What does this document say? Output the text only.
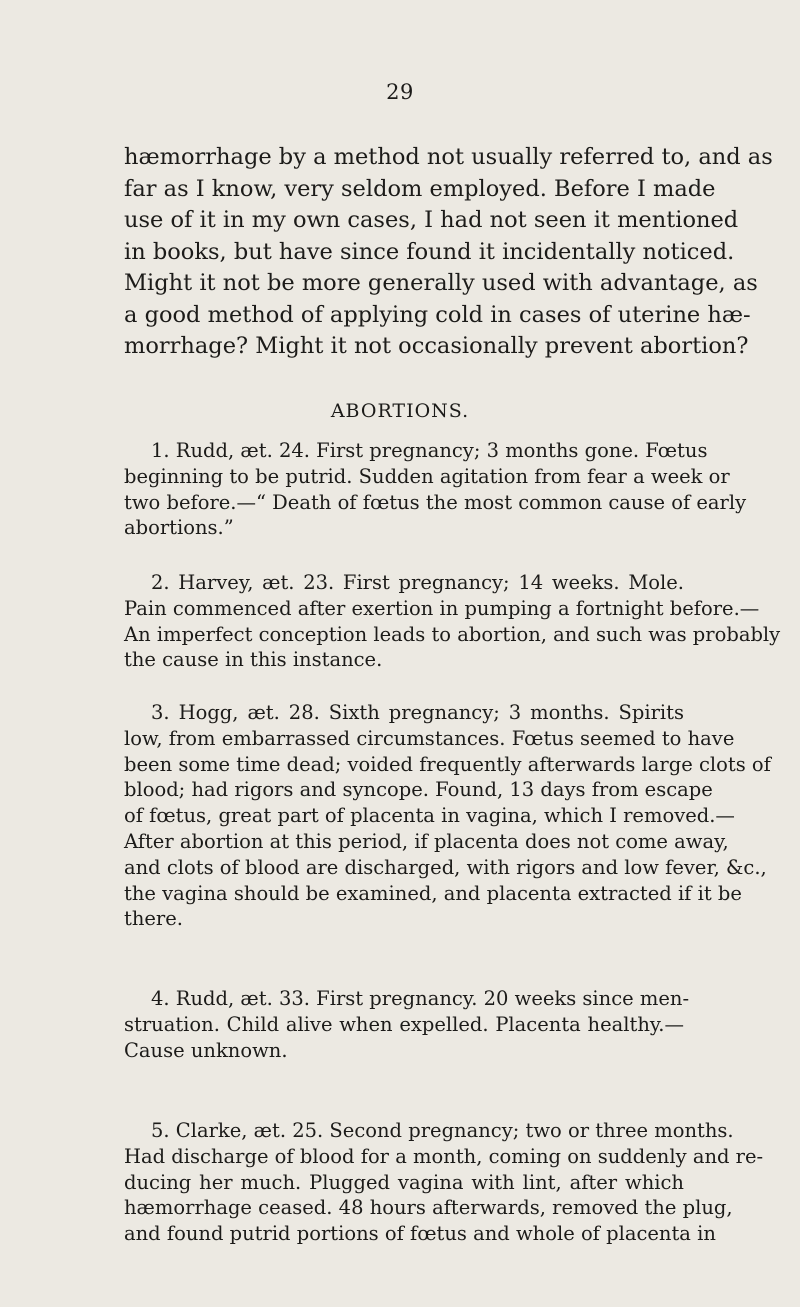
29
hæmorrhage by a method not usually referred to, and as
far as I know, very seldom employed. Before I made
use of it in my own cases, I had not seen it mentioned
in books, but have since found it incidentally noticed.
Might it not be more generally used with advantage, as
a good method of applying cold in cases of uterine hæ-
morrhage? Might it not occasionally prevent abortion?
ABORTIONS.
1. Rudd, æt. 24. First pregnancy; 3 months gone. Fœtus
beginning to be putrid. Sudden agitation from fear a week or
two before.—“ Death of fœtus the most common cause of early
abortions.”
2. Harvey, æt. 23. First pregnancy; 14 weeks. Mole.
Pain commenced after exertion in pumping a fortnight before.—
An imperfect conception leads to abortion, and such was probably
the cause in this instance.
3. Hogg, æt. 28. Sixth pregnancy; 3 months. Spirits
low, from embarrassed circumstances. Fœtus seemed to have
been some time dead; voided frequently afterwards large clots of
blood; had rigors and syncope. Found, 13 days from escape
of fœtus, great part of placenta in vagina, which I removed.—
After abortion at this period, if placenta does not come away,
and clots of blood are discharged, with rigors and low fever, &c.,
the vagina should be examined, and placenta extracted if it be
there.
4. Rudd, æt. 33. First pregnancy. 20 weeks since men-
struation. Child alive when expelled. Placenta healthy.—
Cause unknown.
5. Clarke, æt. 25. Second pregnancy; two or three months.
Had discharge of blood for a month, coming on suddenly and re-
ducing her much. Plugged vagina with lint, after which
hæmorrhage ceased. 48 hours afterwards, removed the plug,
and found putrid portions of fœtus and whole of placenta in
